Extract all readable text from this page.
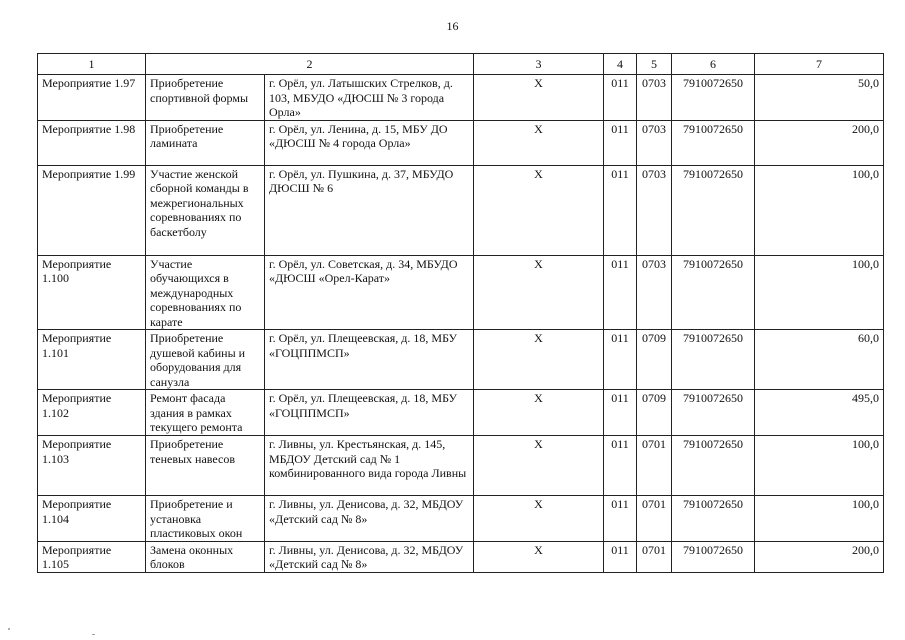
16
1	2		3	4	5	6	7
Мероприятие 1.97	Приобретение спортивной формы	г. Орёл, ул. Латышских Стрелков, д. 103, МБУДО «ДЮСШ № 3 города Орла»	X	011	0703	7910072650	50,0
Мероприятие 1.98	Приобретение ламината	г. Орёл, ул. Ленина, д. 15, МБУ ДО «ДЮСШ № 4 города Орла»	X	011	0703	7910072650	200,0
Мероприятие 1.99	Участие женской сборной команды в межрегиональных соревнованиях по баскетболу	г. Орёл, ул. Пушкина, д. 37, МБУДО ДЮСШ № 6	X	011	0703	7910072650	100,0
Мероприятие 1.100	Участие обучающихся в международных соревнованиях по карате	г. Орёл, ул. Советская, д. 34, МБУДО «ДЮСШ «Орел-Карат»	X	011	0703	7910072650	100,0
Мероприятие 1.101	Приобретение душевой кабины и оборудования для санузла	г. Орёл, ул. Плещеевская, д. 18, МБУ «ГОЦППМСП»	X	011	0709	7910072650	60,0
Мероприятие 1.102	Ремонт фасада здания в рамках текущего ремонта	г. Орёл, ул. Плещеевская, д. 18, МБУ «ГОЦППМСП»	X	011	0709	7910072650	495,0
Мероприятие 1.103	Приобретение теневых навесов	г. Ливны, ул. Крестьянская, д. 145, МБДОУ Детский сад № 1 комбинированного вида города Ливны	X	011	0701	7910072650	100,0
Мероприятие 1.104	Приобретение и установка пластиковых окон	г. Ливны, ул. Денисова, д. 32, МБДОУ «Детский сад № 8»	X	011	0701	7910072650	100,0
Мероприятие 1.105	Замена оконных блоков	г. Ливны, ул. Денисова, д. 32, МБДОУ «Детский сад № 8»	X	011	0701	7910072650	200,0
